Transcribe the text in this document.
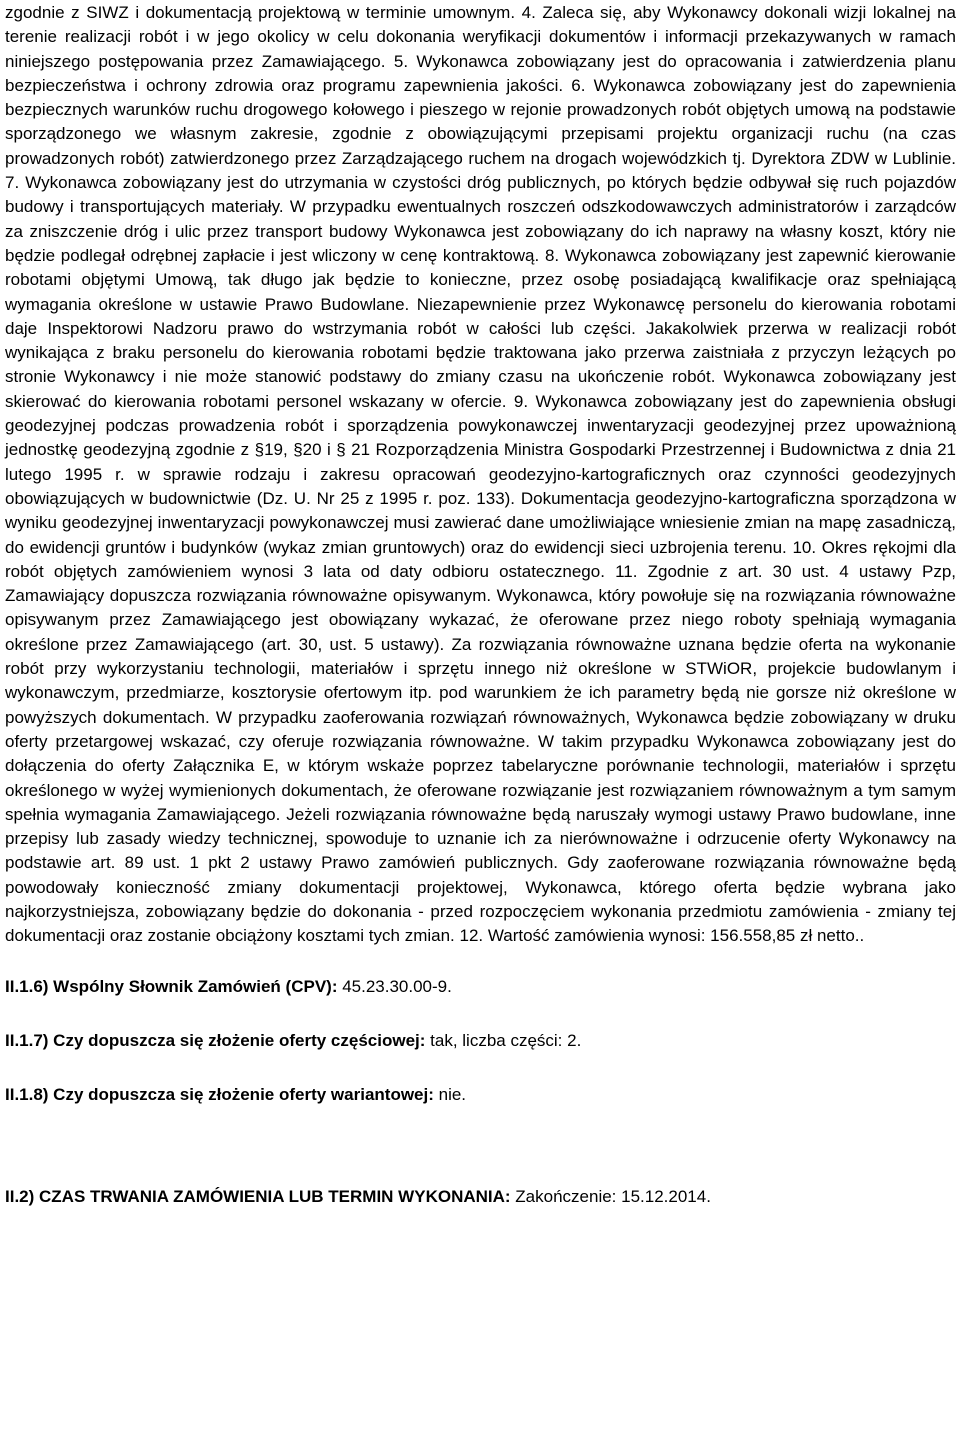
zgodnie z SIWZ i dokumentacją projektową w terminie umownym. 4. Zaleca się, aby Wykonawcy dokonali wizji lokalnej na terenie realizacji robót i w jego okolicy w celu dokonania weryfikacji dokumentów i informacji przekazywanych w ramach niniejszego postępowania przez Zamawiającego. 5. Wykonawca zobowiązany jest do opracowania i zatwierdzenia planu bezpieczeństwa i ochrony zdrowia oraz programu zapewnienia jakości. 6. Wykonawca zobowiązany jest do zapewnienia bezpiecznych warunków ruchu drogowego kołowego i pieszego w rejonie prowadzonych robót objętych umową na podstawie sporządzonego we własnym zakresie, zgodnie z obowiązującymi przepisami projektu organizacji ruchu (na czas prowadzonych robót) zatwierdzonego przez Zarządzającego ruchem na drogach wojewódzkich tj. Dyrektora ZDW w Lublinie. 7. Wykonawca zobowiązany jest do utrzymania w czystości dróg publicznych, po których będzie odbywał się ruch pojazdów budowy i transportujących materiały. W przypadku ewentualnych roszczeń odszkodowawczych administratorów i zarządców za zniszczenie dróg i ulic przez transport budowy Wykonawca jest zobowiązany do ich naprawy na własny koszt, który nie będzie podlegał odrębnej zapłacie i jest wliczony w cenę kontraktową. 8. Wykonawca zobowiązany jest zapewnić kierowanie robotami objętymi Umową, tak długo jak będzie to konieczne, przez osobę posiadającą kwalifikacje oraz spełniającą wymagania określone w ustawie Prawo Budowlane. Niezapewnienie przez Wykonawcę personelu do kierowania robotami daje Inspektorowi Nadzoru prawo do wstrzymania robót w całości lub części. Jakakolwiek przerwa w realizacji robót wynikająca z braku personelu do kierowania robotami będzie traktowana jako przerwa zaistniała z przyczyn leżących po stronie Wykonawcy i nie może stanowić podstawy do zmiany czasu na ukończenie robót. Wykonawca zobowiązany jest skierować do kierowania robotami personel wskazany w ofercie. 9. Wykonawca zobowiązany jest do zapewnienia obsługi geodezyjnej podczas prowadzenia robót i sporządzenia powykonawczej inwentaryzacji geodezyjnej przez upoważnioną jednostkę geodezyjną zgodnie z §19, §20 i § 21 Rozporządzenia Ministra Gospodarki Przestrzennej i Budownictwa z dnia 21 lutego 1995 r. w sprawie rodzaju i zakresu opracowań geodezyjno-kartograficznych oraz czynności geodezyjnych obowiązujących w budownictwie (Dz. U. Nr 25 z 1995 r. poz. 133). Dokumentacja geodezyjno-kartograficzna sporządzona w wyniku geodezyjnej inwentaryzacji powykonawczej musi zawierać dane umożliwiające wniesienie zmian na mapę zasadniczą, do ewidencji gruntów i budynków (wykaz zmian gruntowych) oraz do ewidencji sieci uzbrojenia terenu. 10. Okres rękojmi dla robót objętych zamówieniem wynosi 3 lata od daty odbioru ostatecznego. 11. Zgodnie z art. 30 ust. 4 ustawy Pzp, Zamawiający dopuszcza rozwiązania równoważne opisywanym. Wykonawca, który powołuje się na rozwiązania równoważne opisywanym przez Zamawiającego jest obowiązany wykazać, że oferowane przez niego roboty spełniają wymagania określone przez Zamawiającego (art. 30, ust. 5 ustawy). Za rozwiązania równoważne uznana będzie oferta na wykonanie robót przy wykorzystaniu technologii, materiałów i sprzętu innego niż określone w STWiOR, projekcie budowlanym i wykonawczym, przedmiarze, kosztorysie ofertowym itp. pod warunkiem że ich parametry będą nie gorsze niż określone w powyższych dokumentach. W przypadku zaoferowania rozwiązań równoważnych, Wykonawca będzie zobowiązany w druku oferty przetargowej wskazać, czy oferuje rozwiązania równoważne. W takim przypadku Wykonawca zobowiązany jest do dołączenia do oferty Załącznika E, w którym wskaże poprzez tabelaryczne porównanie technologii, materiałów i sprzętu określonego w wyżej wymienionych dokumentach, że oferowane rozwiązanie jest rozwiązaniem równoważnym a tym samym spełnia wymagania Zamawiającego. Jeżeli rozwiązania równoważne będą naruszały wymogi ustawy Prawo budowlane, inne przepisy lub zasady wiedzy technicznej, spowoduje to uznanie ich za nierównoważne i odrzucenie oferty Wykonawcy na podstawie art. 89 ust. 1 pkt 2 ustawy Prawo zamówień publicznych. Gdy zaoferowane rozwiązania równoważne będą powodowały konieczność zmiany dokumentacji projektowej, Wykonawca, którego oferta będzie wybrana jako najkorzystniejsza, zobowiązany będzie do dokonania - przed rozpoczęciem wykonania przedmiotu zamówienia - zmiany tej dokumentacji oraz zostanie obciążony kosztami tych zmian. 12. Wartość zamówienia wynosi: 156.558,85 zł netto..

II.1.6) Wspólny Słownik Zamówień (CPV): 45.23.30.00-9.

II.1.7) Czy dopuszcza się złożenie oferty częściowej: tak, liczba części: 2.

II.1.8) Czy dopuszcza się złożenie oferty wariantowej: nie.

II.2) CZAS TRWANIA ZAMÓWIENIA LUB TERMIN WYKONANIA: Zakończenie: 15.12.2014.
